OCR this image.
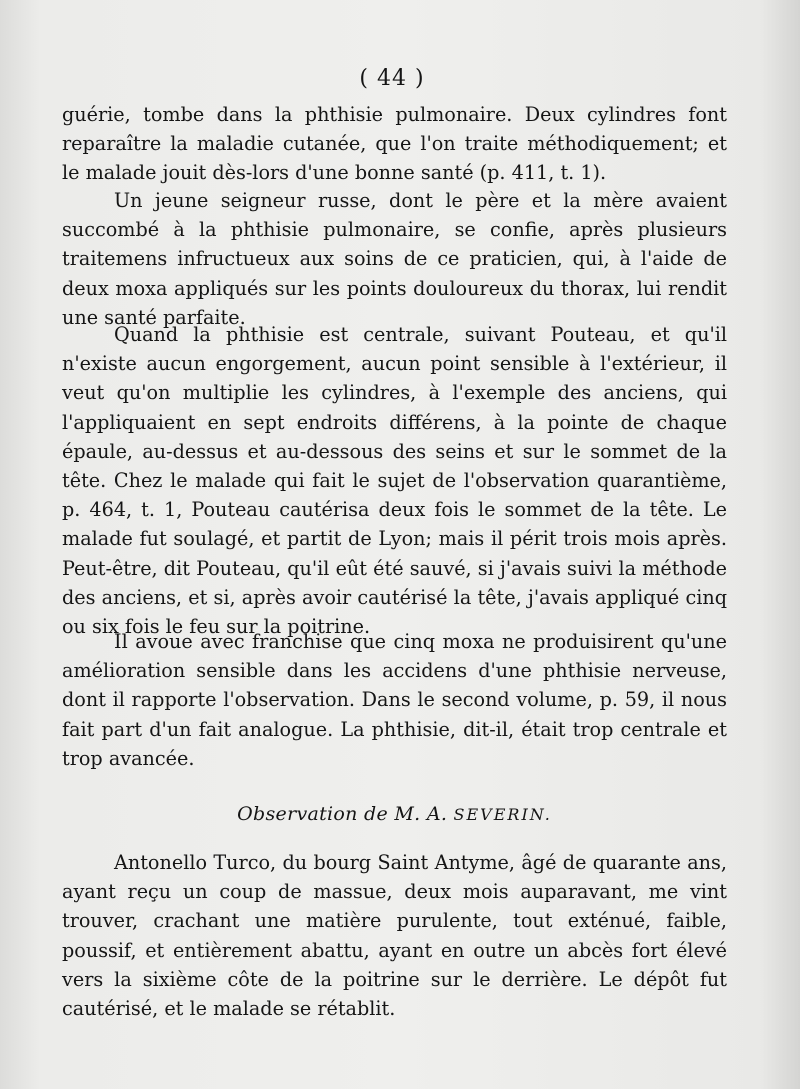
( 44 )

guérie, tombe dans la phthisie pulmonaire. Deux cylindres font reparaître la maladie cutanée, que l'on traite méthodiquement; et le malade jouit dès-lors d'une bonne santé (p. 411, t. 1).

Un jeune seigneur russe, dont le père et la mère avaient succombé à la phthisie pulmonaire, se confie, après plusieurs traitemens infructueux aux soins de ce praticien, qui, à l'aide de deux moxa appliqués sur les points douloureux du thorax, lui rendit une santé parfaite.

Quand la phthisie est centrale, suivant Pouteau, et qu'il n'existe aucun engorgement, aucun point sensible à l'extérieur, il veut qu'on multiplie les cylindres, à l'exemple des anciens, qui l'appliquaient en sept endroits différens, à la pointe de chaque épaule, au-dessus et au-dessous des seins et sur le sommet de la tête. Chez le malade qui fait le sujet de l'observation quarantième, p. 464, t. 1, Pouteau cautérisa deux fois le sommet de la tête. Le malade fut soulagé, et partit de Lyon; mais il périt trois mois après. Peut-être, dit Pouteau, qu'il eût été sauvé, si j'avais suivi la méthode des anciens, et si, après avoir cautérisé la tête, j'avais appliqué cinq ou six fois le feu sur la poitrine.

Il avoue avec franchise que cinq moxa ne produisirent qu'une amélioration sensible dans les accidens d'une phthisie nerveuse, dont il rapporte l'observation. Dans le second volume, p. 59, il nous fait part d'un fait analogue. La phthisie, dit-il, était trop centrale et trop avancée.

Observation de M. A. SEVERIN.

Antonello Turco, du bourg Saint Antyme, âgé de quarante ans, ayant reçu un coup de massue, deux mois auparavant, me vint trouver, crachant une matière purulente, tout exténué, faible, poussif, et entièrement abattu, ayant en outre un abcès fort élevé vers la sixième côte de la poitrine sur le derrière. Le dépôt fut cautérisé, et le malade se rétablit.
